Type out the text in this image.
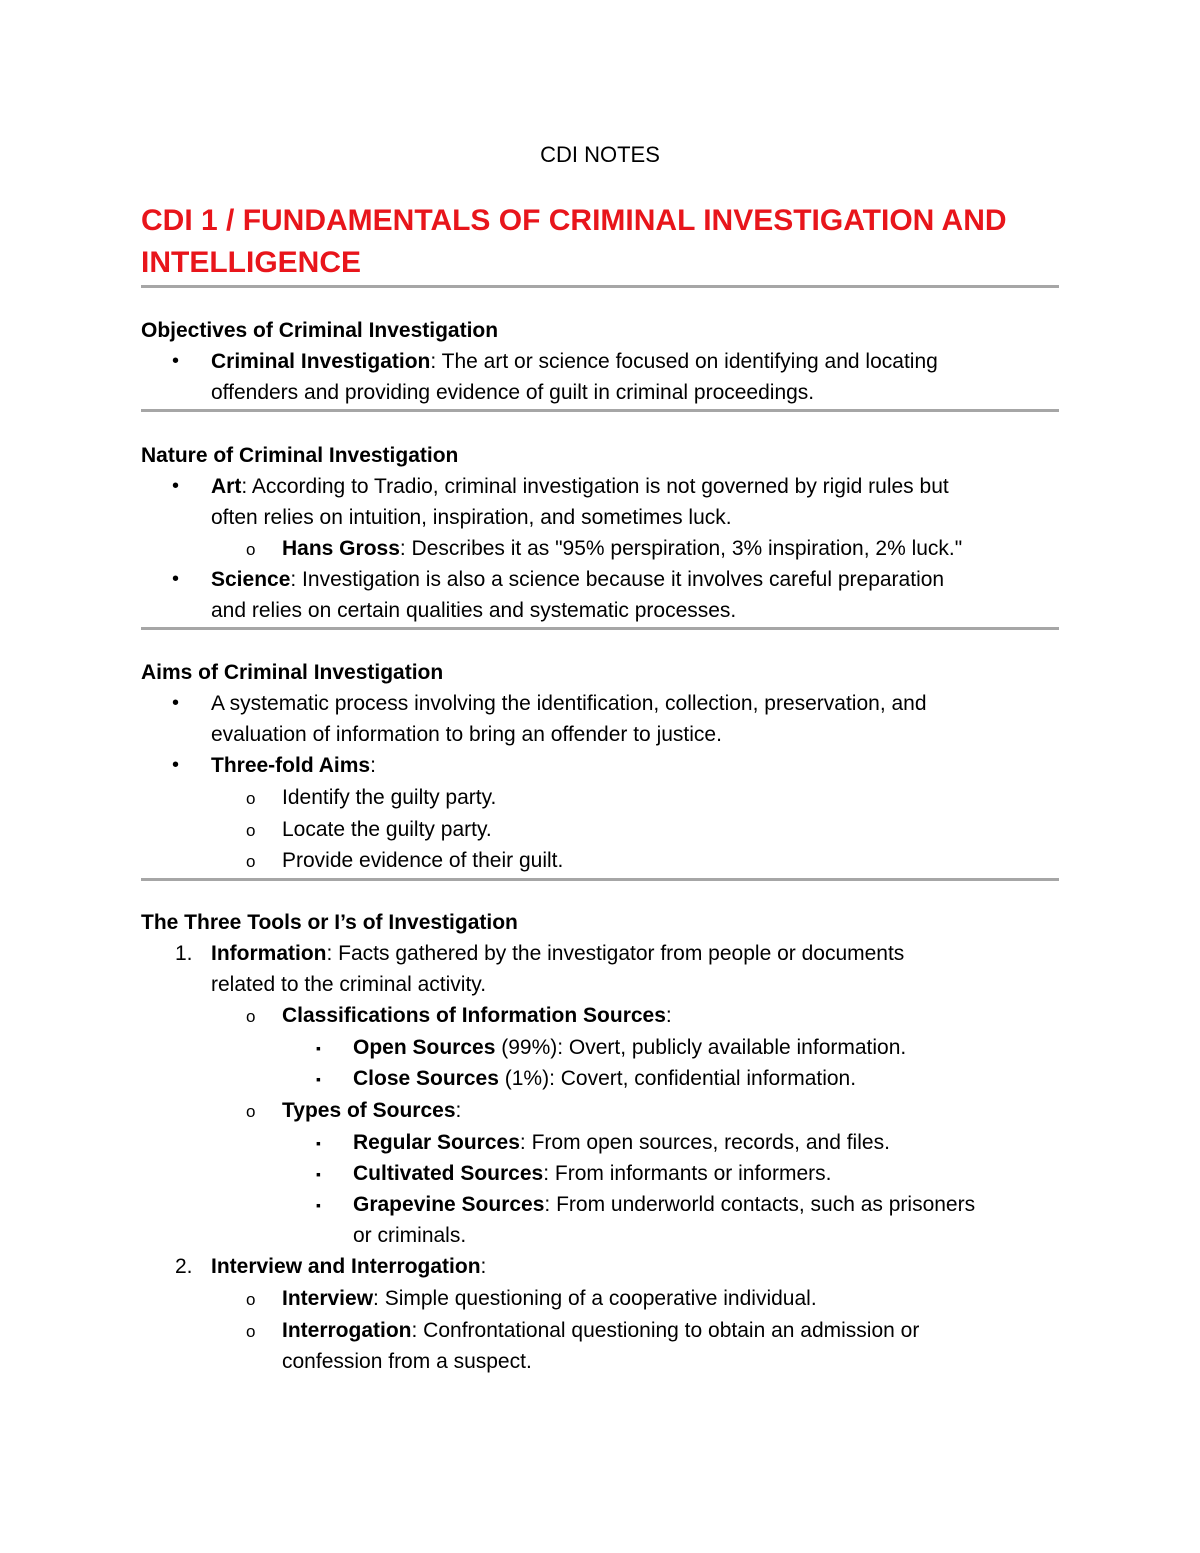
CDI NOTES
CDI 1 / FUNDAMENTALS OF CRIMINAL INVESTIGATION AND
INTELLIGENCE
Objectives of Criminal Investigation
• Criminal Investigation: The art or science focused on identifying and locating
offenders and providing evidence of guilt in criminal proceedings.
Nature of Criminal Investigation
• Art: According to Tradio, criminal investigation is not governed by rigid rules but
often relies on intuition, inspiration, and sometimes luck.
o Hans Gross: Describes it as "95% perspiration, 3% inspiration, 2% luck."
• Science: Investigation is also a science because it involves careful preparation
and relies on certain qualities and systematic processes.
Aims of Criminal Investigation
• A systematic process involving the identification, collection, preservation, and
evaluation of information to bring an offender to justice.
• Three-fold Aims:
o Identify the guilty party.
o Locate the guilty party.
o Provide evidence of their guilt.
The Three Tools or I’s of Investigation
1. Information: Facts gathered by the investigator from people or documents
related to the criminal activity.
o Classifications of Information Sources:
▪ Open Sources (99%): Overt, publicly available information.
▪ Close Sources (1%): Covert, confidential information.
o Types of Sources:
▪ Regular Sources: From open sources, records, and files.
▪ Cultivated Sources: From informants or informers.
▪ Grapevine Sources: From underworld contacts, such as prisoners
or criminals.
2. Interview and Interrogation:
o Interview: Simple questioning of a cooperative individual.
o Interrogation: Confrontational questioning to obtain an admission or
confession from a suspect.
